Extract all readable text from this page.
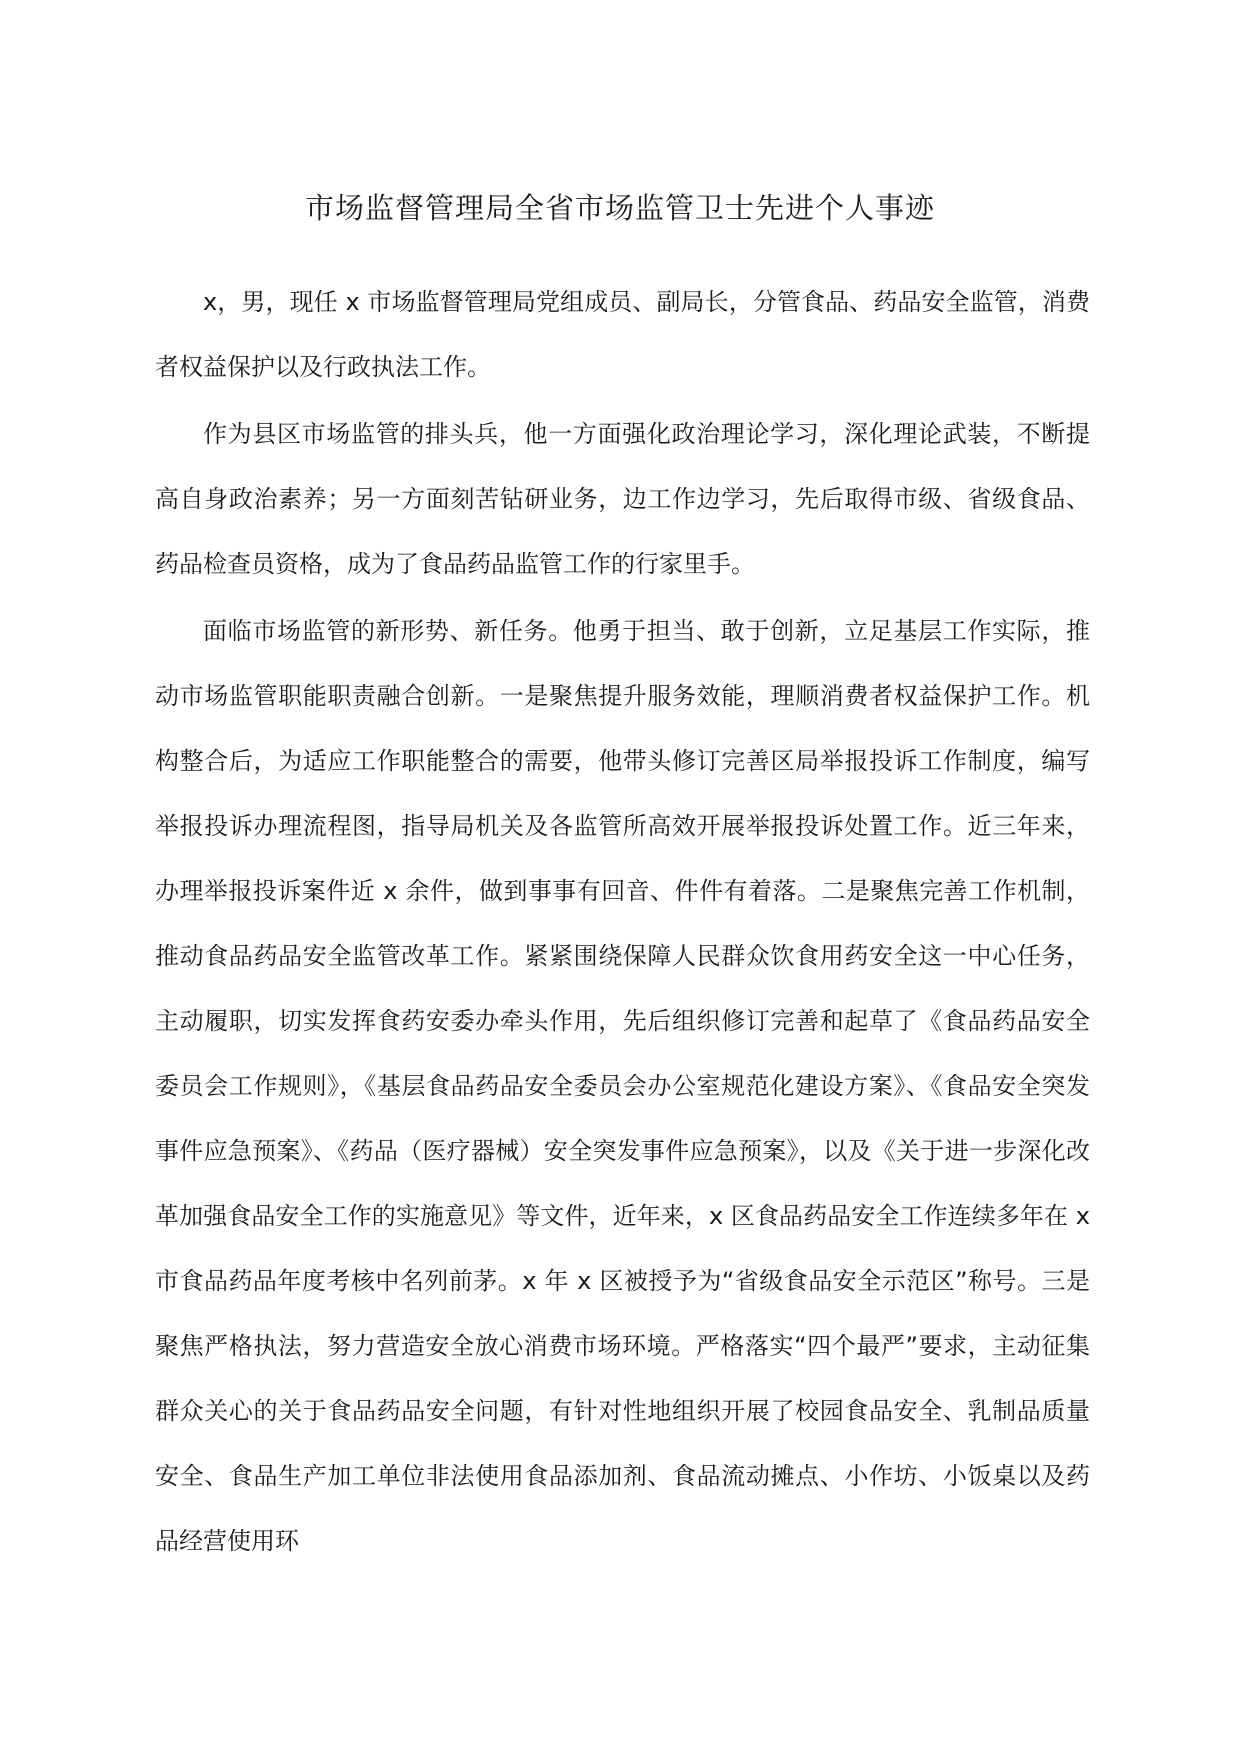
市场监督管理局全省市场监管卫士先进个人事迹

x，男，现任 x 市场监督管理局党组成员、副局长，分管食品、药品安全监管，消费者权益保护以及行政执法工作。

作为县区市场监管的排头兵，他一方面强化政治理论学习，深化理论武装，不断提高自身政治素养；另一方面刻苦钻研业务，边工作边学习，先后取得市级、省级食品、药品检查员资格，成为了食品药品监管工作的行家里手。

面临市场监管的新形势、新任务。他勇于担当、敢于创新，立足基层工作实际，推动市场监管职能职责融合创新。一是聚焦提升服务效能，理顺消费者权益保护工作。机构整合后，为适应工作职能整合的需要，他带头修订完善区局举报投诉工作制度，编写举报投诉办理流程图，指导局机关及各监管所高效开展举报投诉处置工作。近三年来，办理举报投诉案件近 x 余件，做到事事有回音、件件有着落。二是聚焦完善工作机制，推动食品药品安全监管改革工作。紧紧围绕保障人民群众饮食用药安全这一中心任务，主动履职，切实发挥食药安委办牵头作用，先后组织修订完善和起草了《食品药品安全委员会工作规则》，《基层食品药品安全委员会办公室规范化建设方案》、《食品安全突发事件应急预案》、《药品（医疗器械）安全突发事件应急预案》，以及《关于进一步深化改革加强食品安全工作的实施意见》等文件，近年来，x 区食品药品安全工作连续多年在 x 市食品药品年度考核中名列前茅。x 年 x 区被授予为“省级食品安全示范区”称号。三是聚焦严格执法，努力营造安全放心消费市场环境。严格落实“四个最严”要求，主动征集群众关心的关于食品药品安全问题，有针对性地组织开展了校园食品安全、乳制品质量安全、食品生产加工单位非法使用食品添加剂、食品流动摊点、小作坊、小饭桌以及药品经营使用环
